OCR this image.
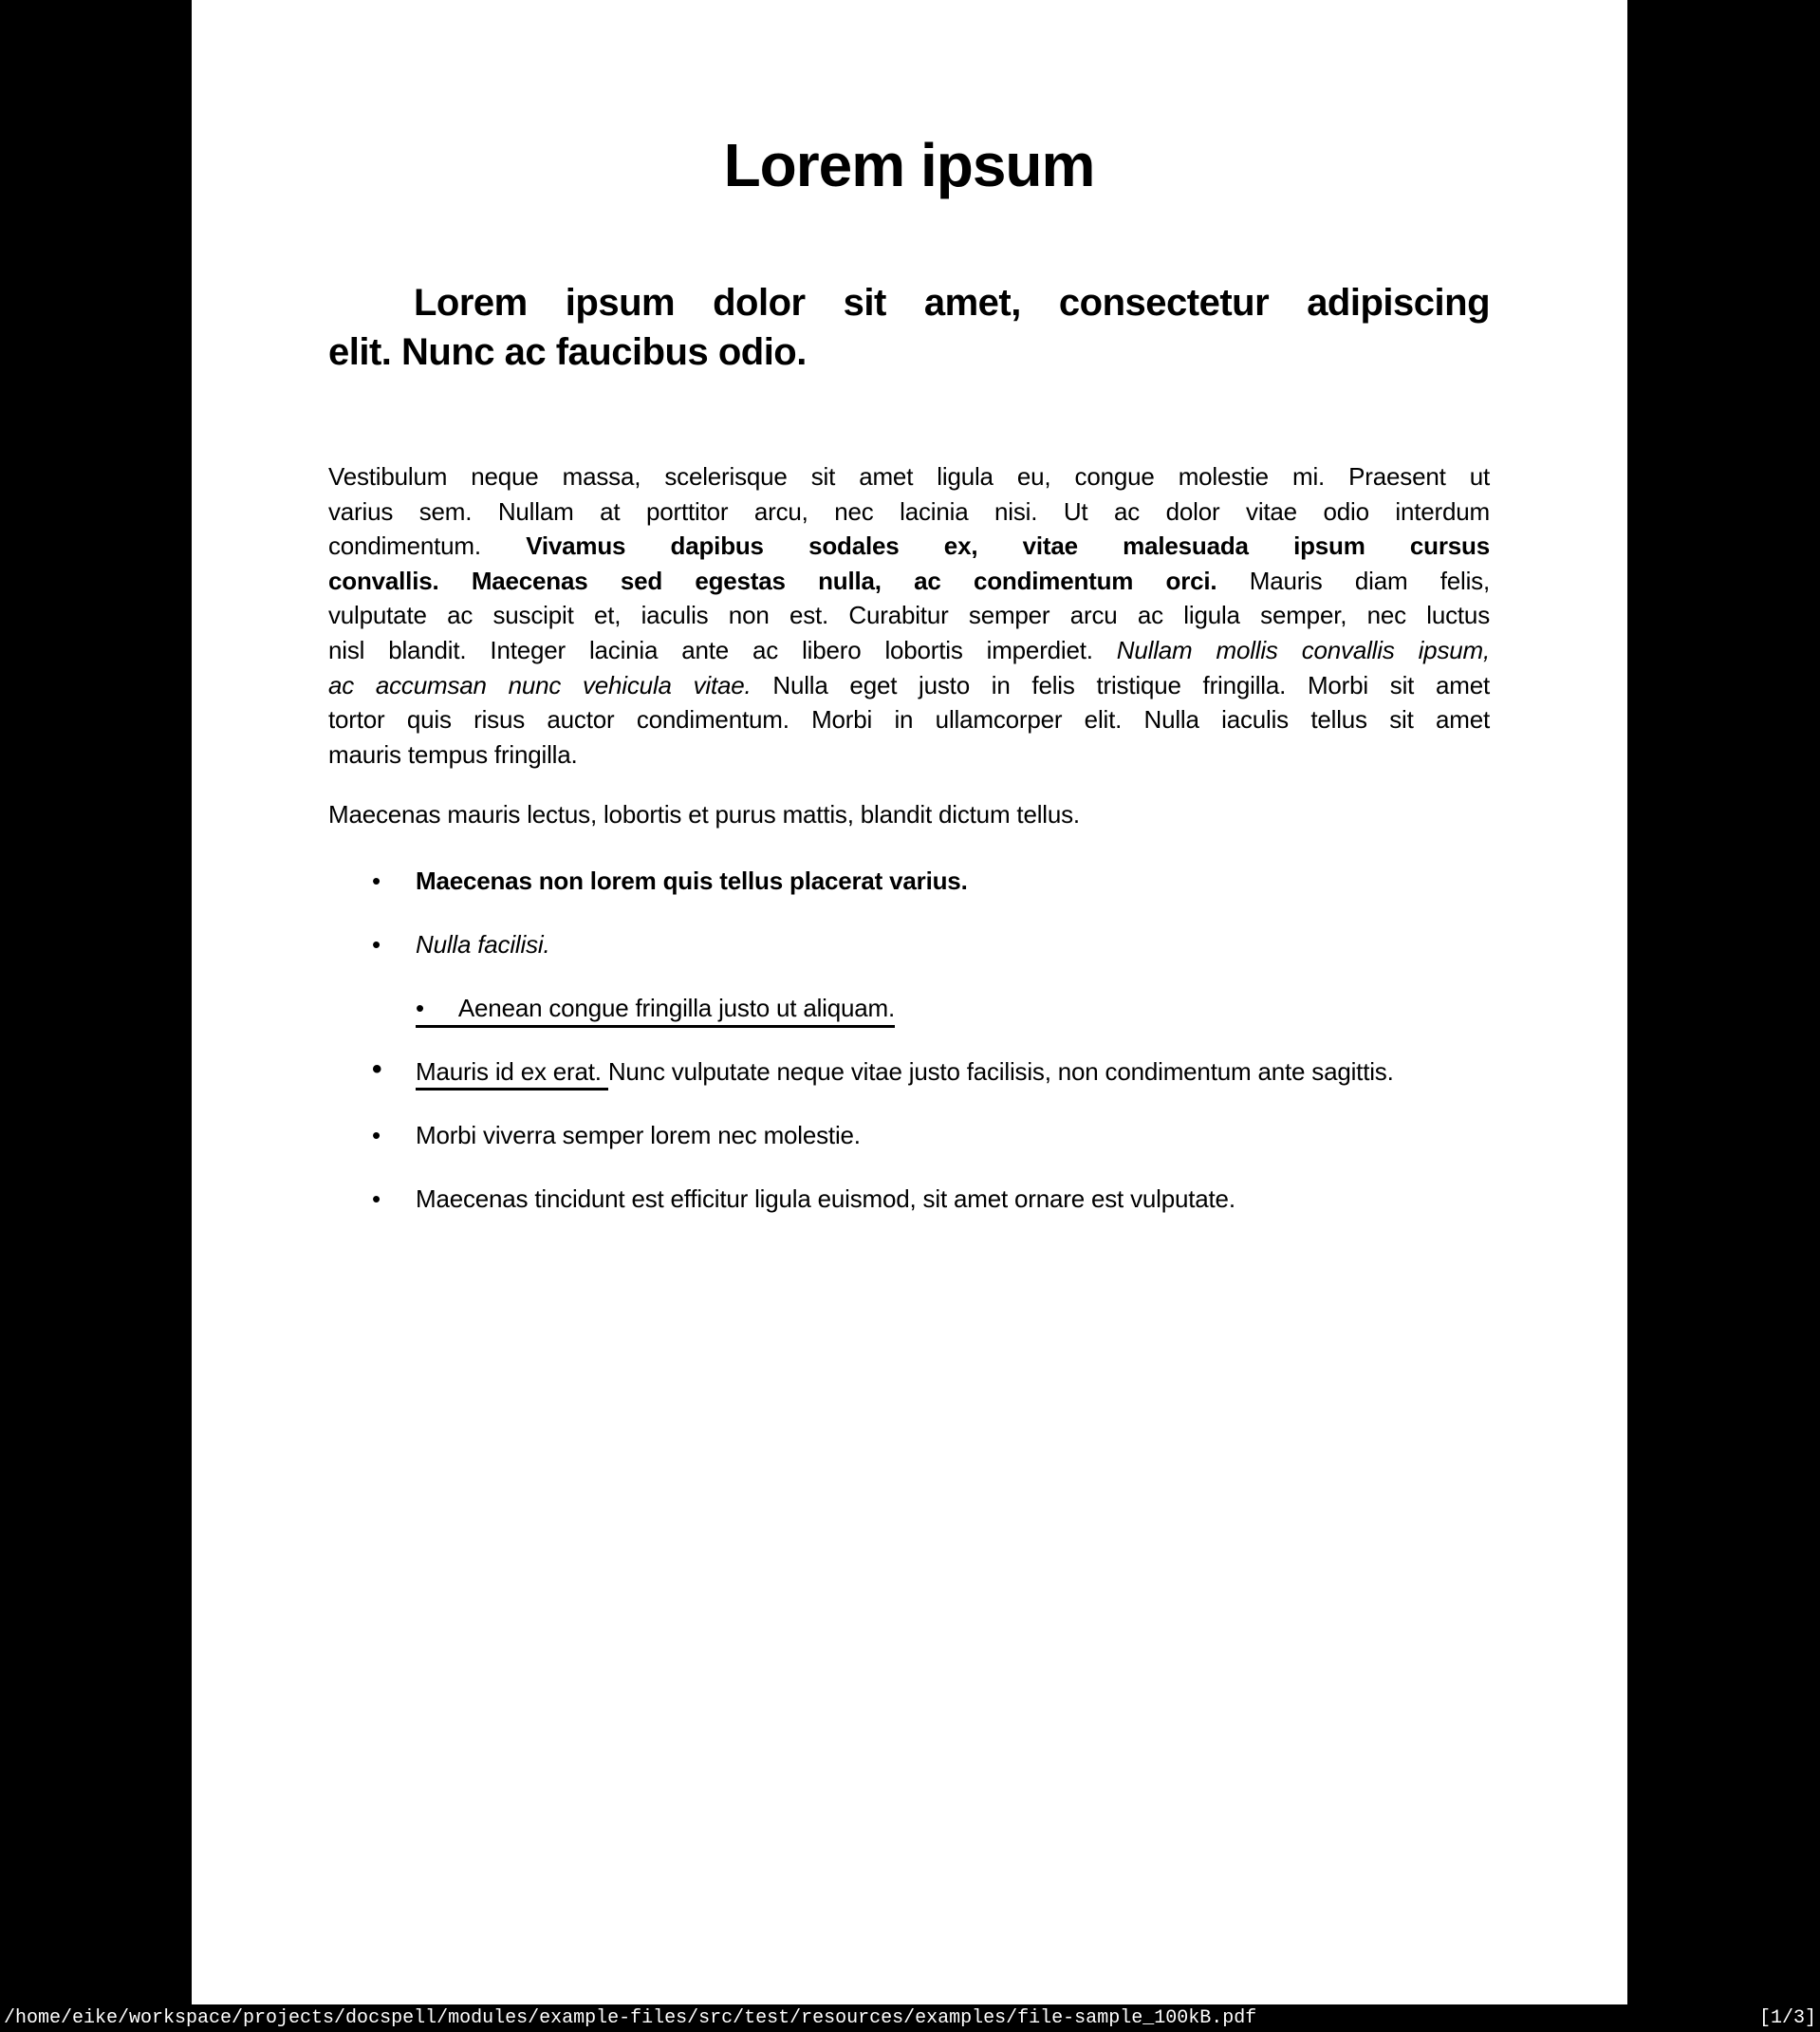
Lorem ipsum
Lorem ipsum dolor sit amet, consectetur adipiscing
elit. Nunc ac faucibus odio.
Vestibulum neque massa, scelerisque sit amet ligula eu, congue molestie mi. Praesent ut
varius sem. Nullam at porttitor arcu, nec lacinia nisi. Ut ac dolor vitae odio interdum
condimentum. Vivamus dapibus sodales ex, vitae malesuada ipsum cursus
convallis. Maecenas sed egestas nulla, ac condimentum orci. Mauris diam felis,
vulputate ac suscipit et, iaculis non est. Curabitur semper arcu ac ligula semper, nec luctus
nisl blandit. Integer lacinia ante ac libero lobortis imperdiet. Nullam mollis convallis ipsum,
ac accumsan nunc vehicula vitae. Nulla eget justo in felis tristique fringilla. Morbi sit amet
tortor quis risus auctor condimentum. Morbi in ullamcorper elit. Nulla iaculis tellus sit amet
mauris tempus fringilla.
Maecenas mauris lectus, lobortis et purus mattis, blandit dictum tellus.
• Maecenas non lorem quis tellus placerat varius.
• Nulla facilisi.
• Aenean congue fringilla justo ut aliquam.
• Mauris id ex erat. Nunc vulputate neque vitae justo facilisis, non condimentum ante sagittis.
• Morbi viverra semper lorem nec molestie.
• Maecenas tincidunt est efficitur ligula euismod, sit amet ornare est vulputate.
/home/eike/workspace/projects/docspell/modules/example-files/src/test/resources/examples/file-sample_100kB.pdf	[1/3]
